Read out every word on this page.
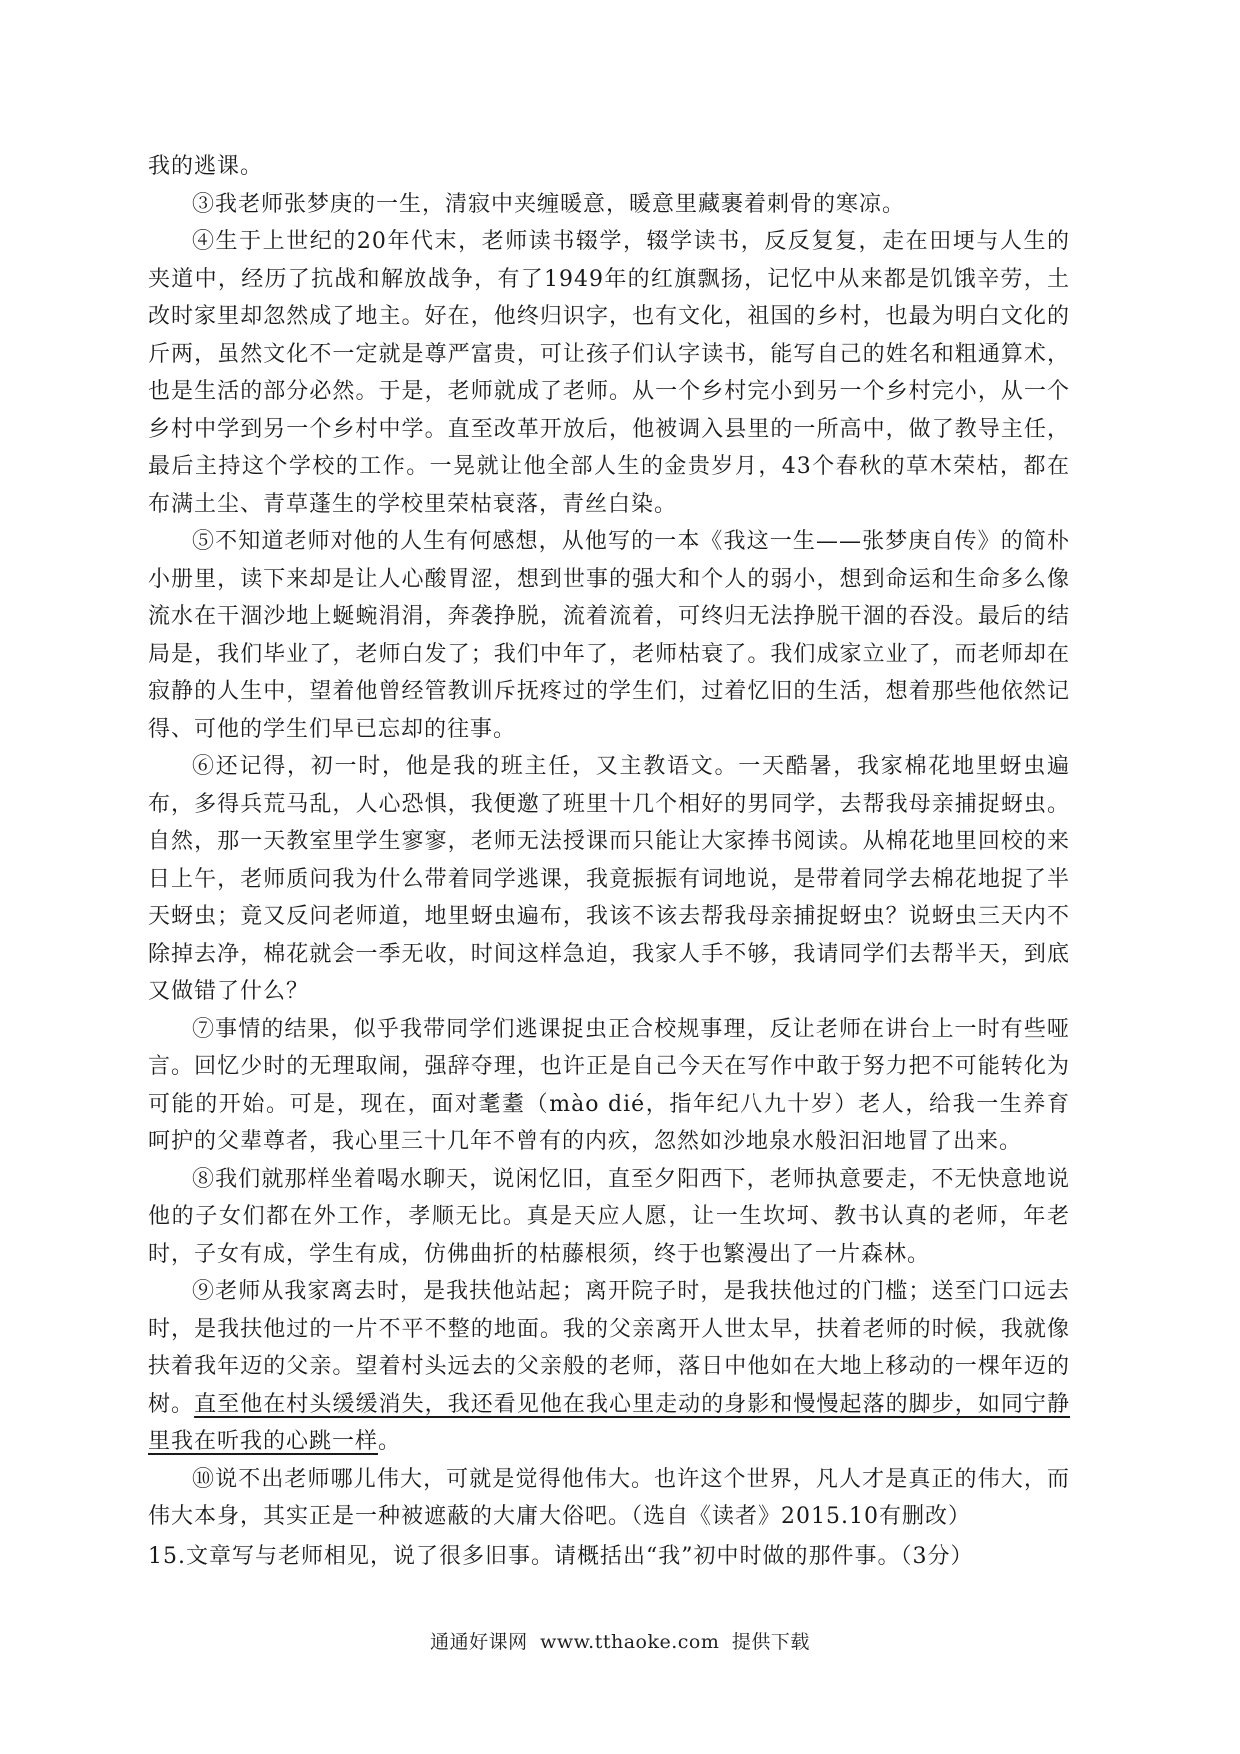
我的逃课。

③我老师张梦庚的一生，清寂中夹缠暖意，暖意里藏裹着刺骨的寒凉。

④生于上世纪的20年代末，老师读书辍学，辍学读书，反反复复，走在田埂与人生的夹道中，经历了抗战和解放战争，有了1949年的红旗飘扬，记忆中从来都是饥饿辛劳，土改时家里却忽然成了地主。好在，他终归识字，也有文化，祖国的乡村，也最为明白文化的斤两，虽然文化不一定就是尊严富贵，可让孩子们认字读书，能写自己的姓名和粗通算术，也是生活的部分必然。于是，老师就成了老师。从一个乡村完小到另一个乡村完小，从一个乡村中学到另一个乡村中学。直至改革开放后，他被调入县里的一所高中，做了教导主任，最后主持这个学校的工作。一晃就让他全部人生的金贵岁月，43个春秋的草木荣枯，都在布满土尘、青草蓬生的学校里荣枯衰落，青丝白染。

⑤不知道老师对他的人生有何感想，从他写的一本《我这一生——张梦庚自传》的简朴小册里，读下来却是让人心酸胃涩，想到世事的强大和个人的弱小，想到命运和生命多么像流水在干涸沙地上蜒蜿涓涓，奔袭挣脱，流着流着，可终归无法挣脱干涸的吞没。最后的结局是，我们毕业了，老师白发了；我们中年了，老师枯衰了。我们成家立业了，而老师却在寂静的人生中，望着他曾经管教训斥抚疼过的学生们，过着忆旧的生活，想着那些他依然记得、可他的学生们早已忘却的往事。

⑥还记得，初一时，他是我的班主任，又主教语文。一天酷暑，我家棉花地里蚜虫遍布，多得兵荒马乱，人心恐惧，我便邀了班里十几个相好的男同学，去帮我母亲捕捉蚜虫。自然，那一天教室里学生寥寥，老师无法授课而只能让大家捧书阅读。从棉花地里回校的来日上午，老师质问我为什么带着同学逃课，我竟振振有词地说，是带着同学去棉花地捉了半天蚜虫；竟又反问老师道，地里蚜虫遍布，我该不该去帮我母亲捕捉蚜虫？说蚜虫三天内不除掉去净，棉花就会一季无收，时间这样急迫，我家人手不够，我请同学们去帮半天，到底又做错了什么？

⑦事情的结果，似乎我带同学们逃课捉虫正合校规事理，反让老师在讲台上一时有些哑言。回忆少时的无理取闹，强辞夺理，也许正是自己今天在写作中敢于努力把不可能转化为可能的开始。可是，现在，面对耄耋（mào dié，指年纪八九十岁）老人，给我一生养育呵护的父辈尊者，我心里三十几年不曾有的内疚，忽然如沙地泉水般汩汩地冒了出来。

⑧我们就那样坐着喝水聊天，说闲忆旧，直至夕阳西下，老师执意要走，不无快意地说他的子女们都在外工作，孝顺无比。真是天应人愿，让一生坎坷、教书认真的老师，年老时，子女有成，学生有成，仿佛曲折的枯藤根须，终于也繁漫出了一片森林。

⑨老师从我家离去时，是我扶他站起；离开院子时，是我扶他过的门槛；送至门口远去时，是我扶他过的一片不平不整的地面。我的父亲离开人世太早，扶着老师的时候，我就像扶着我年迈的父亲。望着村头远去的父亲般的老师，落日中他如在大地上移动的一棵年迈的树。直至他在村头缓缓消失，我还看见他在我心里走动的身影和慢慢起落的脚步，如同宁静里我在听我的心跳一样。

⑩说不出老师哪儿伟大，可就是觉得他伟大。也许这个世界，凡人才是真正的伟大，而伟大本身，其实正是一种被遮蔽的大庸大俗吧。（选自《读者》2015.10有删改）

15.文章写与老师相见，说了很多旧事。请概括出“我”初中时做的那件事。（3分）

通通好课网 www.tthaoke.com 提供下载
